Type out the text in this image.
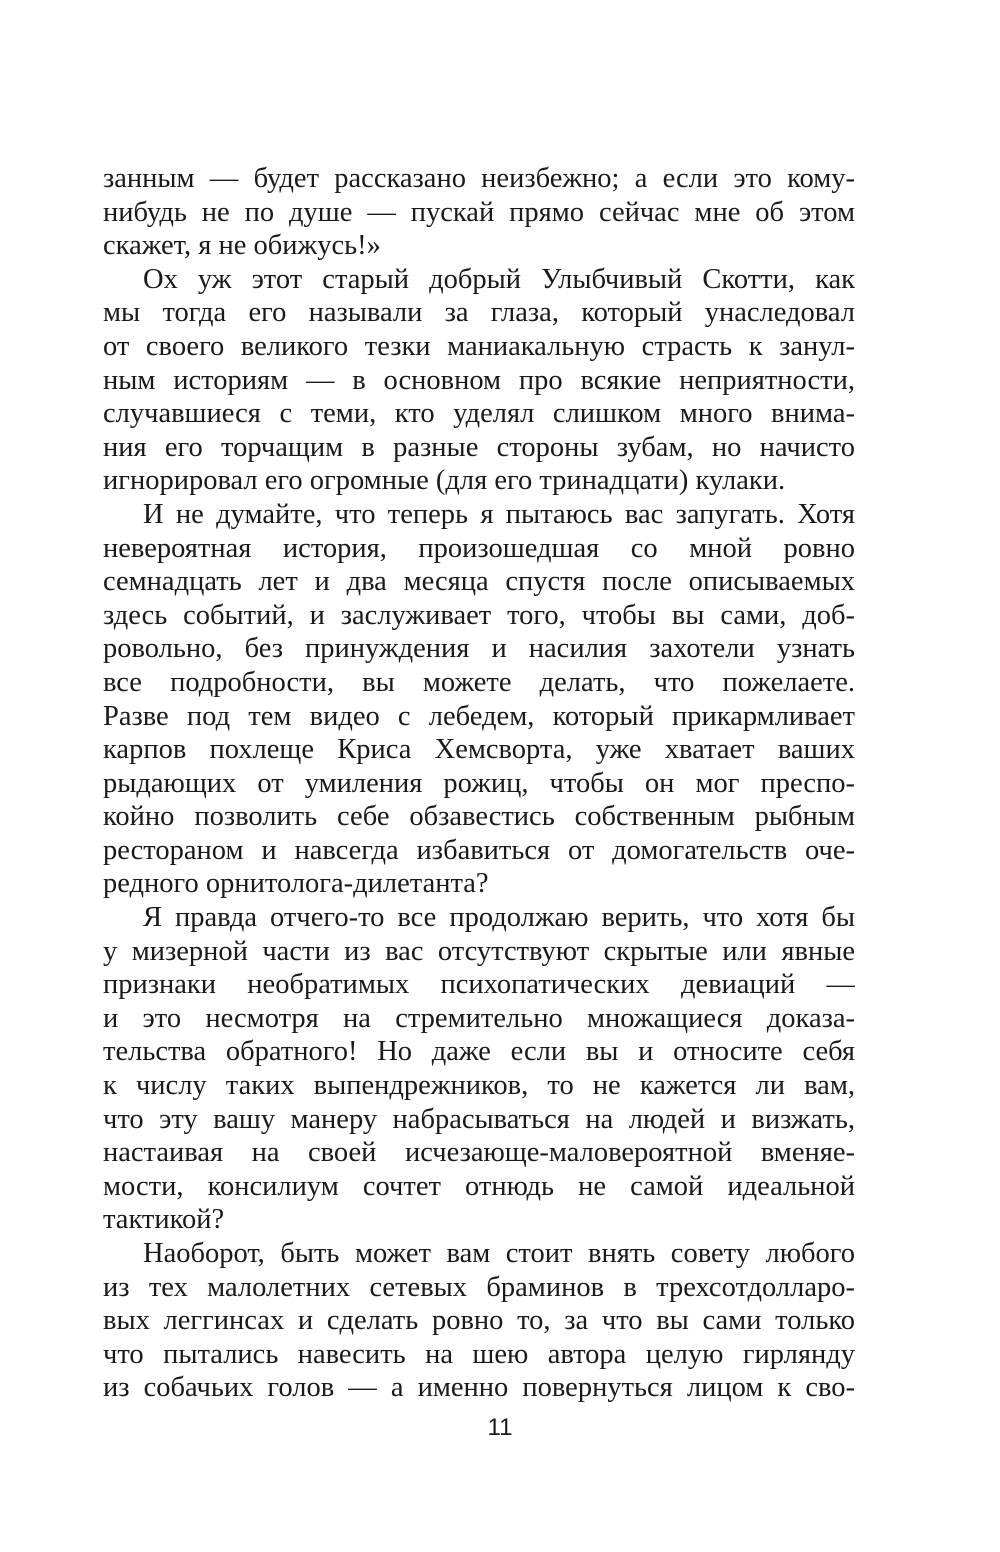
занным — будет рассказано неизбежно; а если это кому-
нибудь не по душе — пускай прямо сейчас мне об этом
скажет, я не обижусь!»
Ох уж этот старый добрый Улыбчивый Скотти, как
мы тогда его называли за глаза, который унаследовал
от своего великого тезки маниакальную страсть к занул-
ным историям — в основном про всякие неприятности,
случавшиеся с теми, кто уделял слишком много внима-
ния его торчащим в разные стороны зубам, но начисто
игнорировал его огромные (для его тринадцати) кулаки.
И не думайте, что теперь я пытаюсь вас запугать. Хотя
невероятная история, произошедшая со мной ровно
семнадцать лет и два месяца спустя после описываемых
здесь событий, и заслуживает того, чтобы вы сами, доб-
ровольно, без принуждения и насилия захотели узнать
все подробности, вы можете делать, что пожелаете.
Разве под тем видео с лебедем, который прикармливает
карпов похлеще Криса Хемсворта, уже хватает ваших
рыдающих от умиления рожиц, чтобы он мог преспо-
койно позволить себе обзавестись собственным рыбным
рестораном и навсегда избавиться от домогательств оче-
редного орнитолога-дилетанта?
Я правда отчего-то все продолжаю верить, что хотя бы
у мизерной части из вас отсутствуют скрытые или явные
признаки необратимых психопатических девиаций —
и это несмотря на стремительно множащиеся доказа-
тельства обратного! Но даже если вы и относите себя
к числу таких выпендрежников, то не кажется ли вам,
что эту вашу манеру набрасываться на людей и визжать,
настаивая на своей исчезающе-маловероятной вменяе-
мости, консилиум сочтет отнюдь не самой идеальной
тактикой?
Наоборот, быть может вам стоит внять совету любого
из тех малолетних сетевых браминов в трехсотдолларо-
вых леггинсах и сделать ровно то, за что вы сами только
что пытались навесить на шею автора целую гирлянду
из собачьих голов — а именно повернуться лицом к сво-
11
